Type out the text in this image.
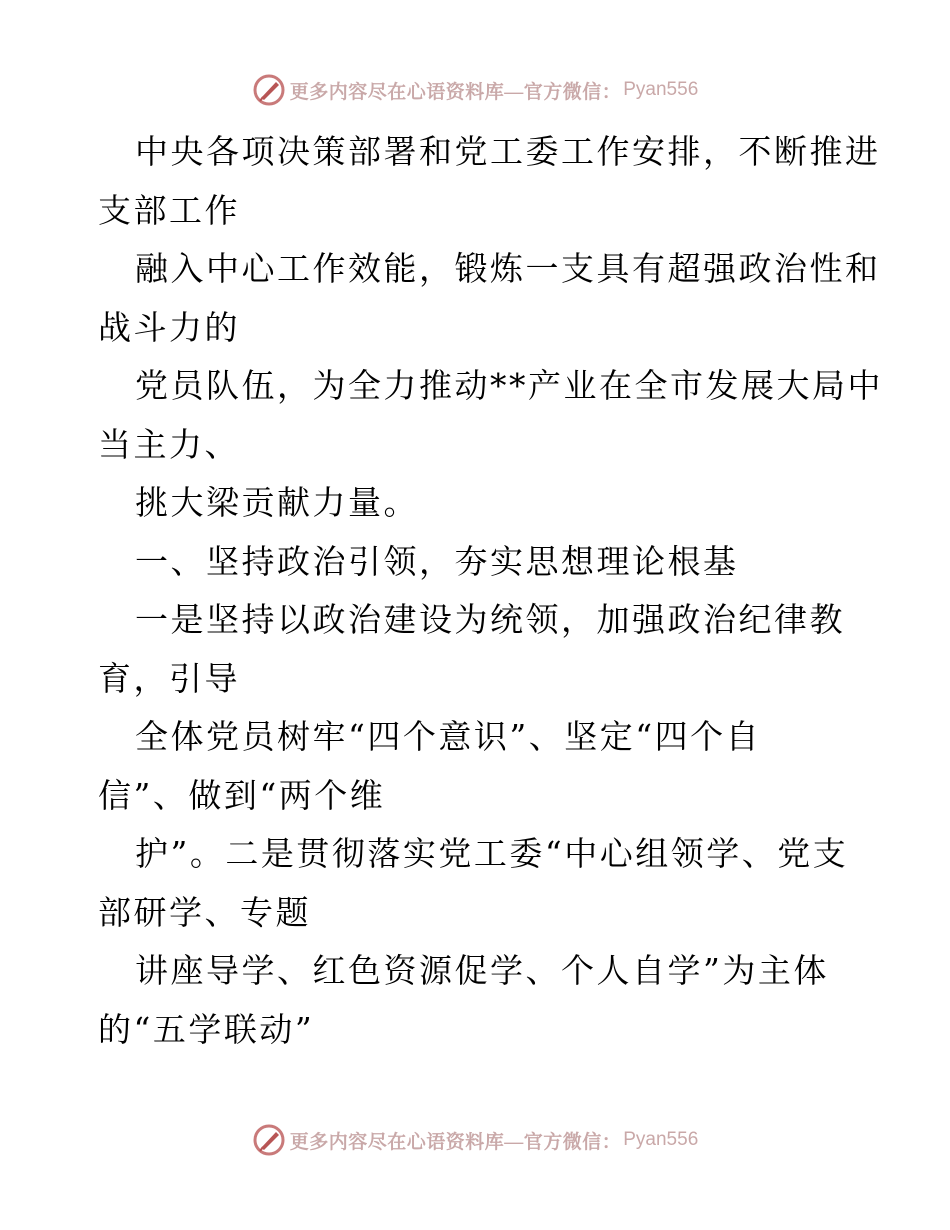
更多内容尽在心语资料库—官方微信： Pyan556
中央各项决策部署和党工委工作安排，不断推进
支部工作
融入中心工作效能，锻炼一支具有超强政治性和
战斗力的
党员队伍，为全力推动**产业在全市发展大局中
当主力、
挑大梁贡献力量。
一、坚持政治引领，夯实思想理论根基
一是坚持以政治建设为统领，加强政治纪律教
育，引导
全体党员树牢“四个意识”、坚定“四个自
信”、做到“两个维
护”。二是贯彻落实党工委“中心组领学、党支
部研学、专题
讲座导学、红色资源促学、个人自学”为主体
的“五学联动”
更多内容尽在心语资料库—官方微信： Pyan556
